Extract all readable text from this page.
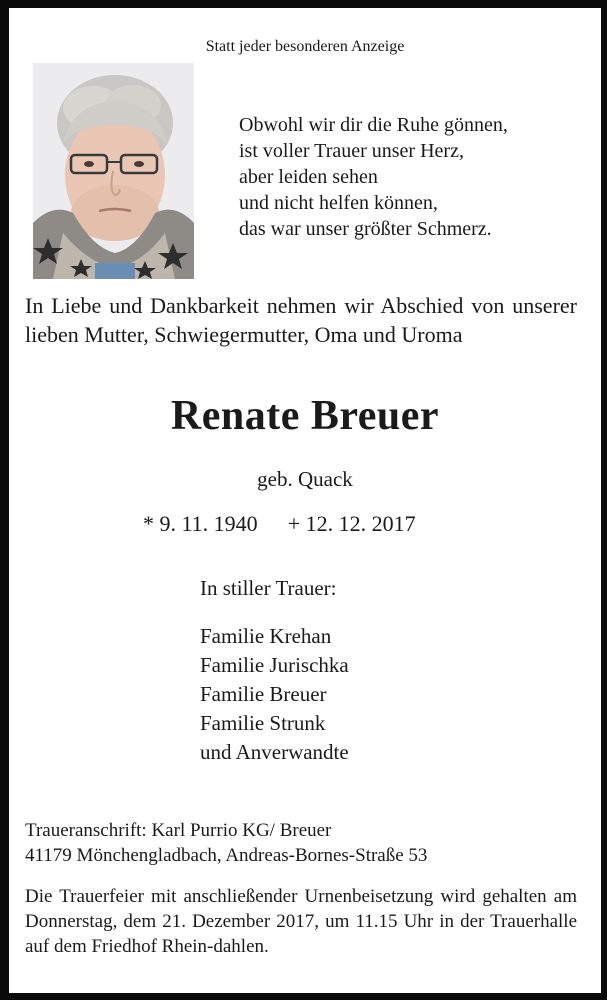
Statt jeder besonderen Anzeige
Obwohl wir dir die Ruhe gönnen,
ist voller Trauer unser Herz,
aber leiden sehen
und nicht helfen können,
das war unser größter Schmerz.
In Liebe und Dankbarkeit nehmen wir Abschied von unserer lieben Mutter, Schwiegermutter, Oma und Uroma
Renate Breuer
geb. Quack
* 9. 11. 1940 + 12. 12. 2017
In stiller Trauer:
Familie Krehan
Familie Jurischka
Familie Breuer
Familie Strunk
und Anverwandte
Traueranschrift: Karl Purrio KG/ Breuer
41179 Mönchengladbach, Andreas-Bornes-Straße 53
Die Trauerfeier mit anschließender Urnenbeisetzung wird gehalten am Donnerstag, dem 21. Dezember 2017, um 11.15 Uhr in der Trauerhalle auf dem Friedhof Rhein-dahlen.
